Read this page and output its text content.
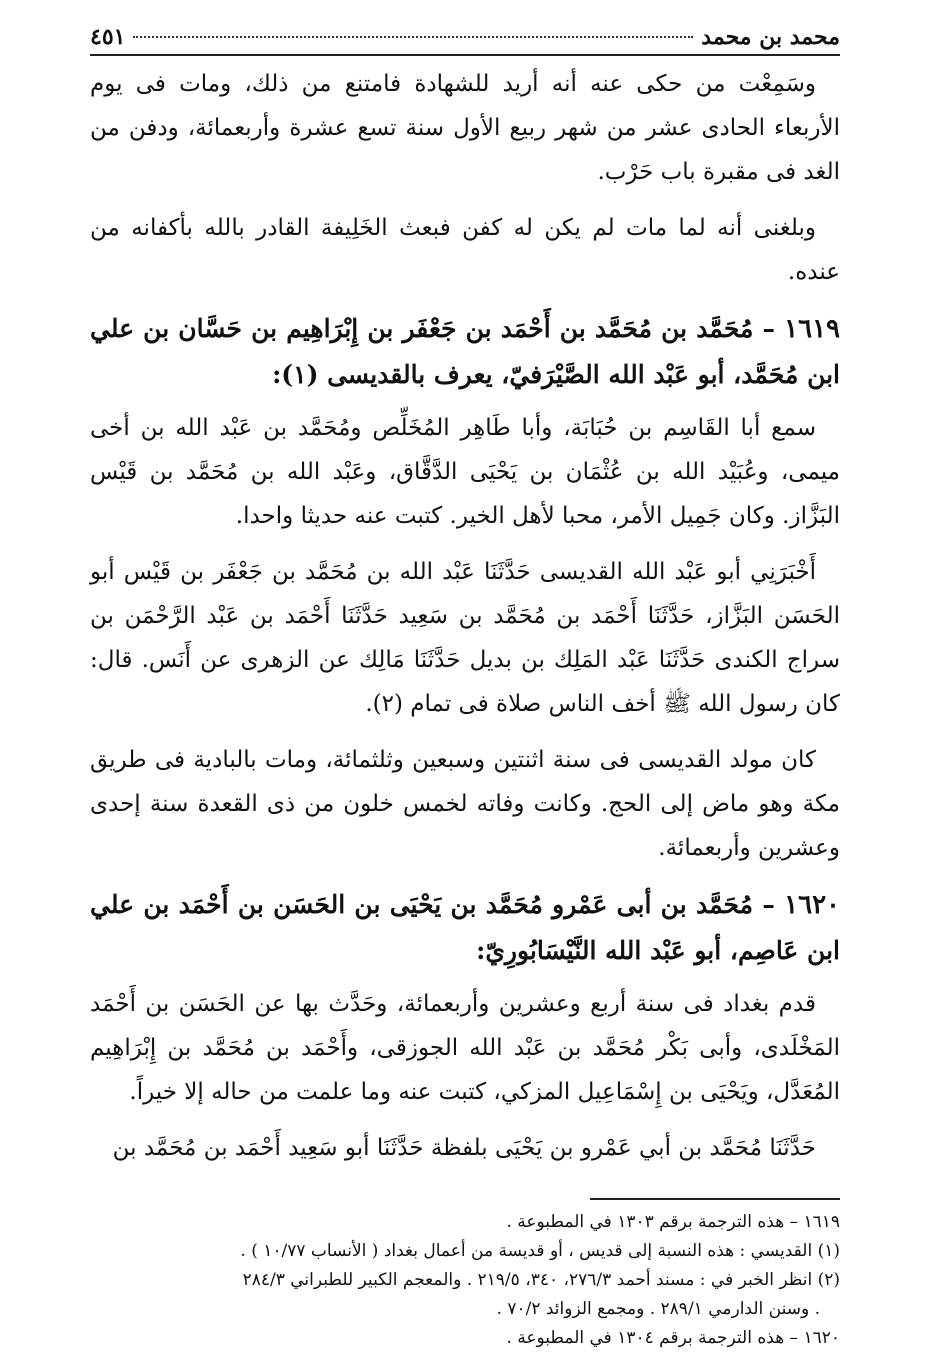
محمد بن محمد
٤٥١

وسَمِعْت من حكى عنه أنه أريد للشهادة فامتنع من ذلك، ومات فى يوم الأربعاء الحادى عشر من شهر ربيع الأول سنة تسع عشرة وأربعمائة، ودفن من الغد فى مقبرة باب حَرْب.

وبلغنى أنه لما مات لم يكن له كفن فبعث الخَلِيفة القادر بالله بأكفانه من عنده.

١٦١٩ – مُحَمَّد بن مُحَمَّد بن أَحْمَد بن جَعْفَر بن إِبْرَاهِيم بن حَسَّان بن علي ابن مُحَمَّد، أبو عَبْد الله الصَّيْرَفيّ، يعرف بالقديسى (١):

سمع أبا القَاسِم بن حُبَابَة، وأبا طَاهِر المُخَلِّص ومُحَمَّد بن عَبْد الله بن أخى ميمى، وعُبَيْد الله بن عُثْمَان بن يَحْيَى الدَّقَّاق، وعَبْد الله بن مُحَمَّد بن قَيْس البَزَّاز. وكان جَمِيل الأمر، محبا لأهل الخير. كتبت عنه حديثا واحدا.

أَخْبَرَنِي أبو عَبْد الله القديسى حَدَّثَنَا عَبْد الله بن مُحَمَّد بن جَعْفَر بن قَيْس أبو الحَسَن البَزَّاز، حَدَّثَنَا أَحْمَد بن مُحَمَّد بن سَعِيد حَدَّثَنَا أَحْمَد بن عَبْد الرَّحْمَن بن سراج الكندى حَدَّثَنَا عَبْد المَلِك بن بديل حَدَّثَنَا مَالِك عن الزهرى عن أَنَس. قال: كان رسول الله ﷺ أخف الناس صلاة فى تمام (٢).

كان مولد القديسى فى سنة اثنتين وسبعين وثلثمائة، ومات بالبادية فى طريق مكة وهو ماض إلى الحج. وكانت وفاته لخمس خلون من ذى القعدة سنة إحدى وعشرين وأربعمائة.

١٦٢٠ – مُحَمَّد بن أبى عَمْرو مُحَمَّد بن يَحْيَى بن الحَسَن بن أَحْمَد بن علي ابن عَاصِم، أبو عَبْد الله النَّيْسَابُورِيّ:

قدم بغداد فى سنة أربع وعشرين وأربعمائة، وحَدَّث بها عن الحَسَن بن أَحْمَد المَخْلَدى، وأبى بَكْر مُحَمَّد بن عَبْد الله الجوزقى، وأَحْمَد بن مُحَمَّد بن إِبْرَاهِيم المُعَدَّل، ويَحْيَى بن إِسْمَاعِيل المزكي، كتبت عنه وما علمت من حاله إلا خيراً.

حَدَّثَنَا مُحَمَّد بن أبي عَمْرو بن يَحْيَى بلفظة حَدَّثَنَا أبو سَعِيد أَحْمَد بن مُحَمَّد بن

١٦١٩ – هذه الترجمة برقم ١٣٠٣ في المطبوعة .
(١) القديسي : هذه النسبة إلى قديس ، أو قديسة من أعمال بغداد ( الأنساب ١٠/٧٧ ) .
(٢) انظر الخبر في : مسند أحمد ٢٧٦/٣، ٣٤٠، ٢١٩/٥ . والمعجم الكبير للطبراني ٢٨٤/٣
. وسنن الدارمي ٢٨٩/١ . ومجمع الزوائد ٧٠/٢ .
١٦٢٠ – هذه الترجمة برقم ١٣٠٤ في المطبوعة .
